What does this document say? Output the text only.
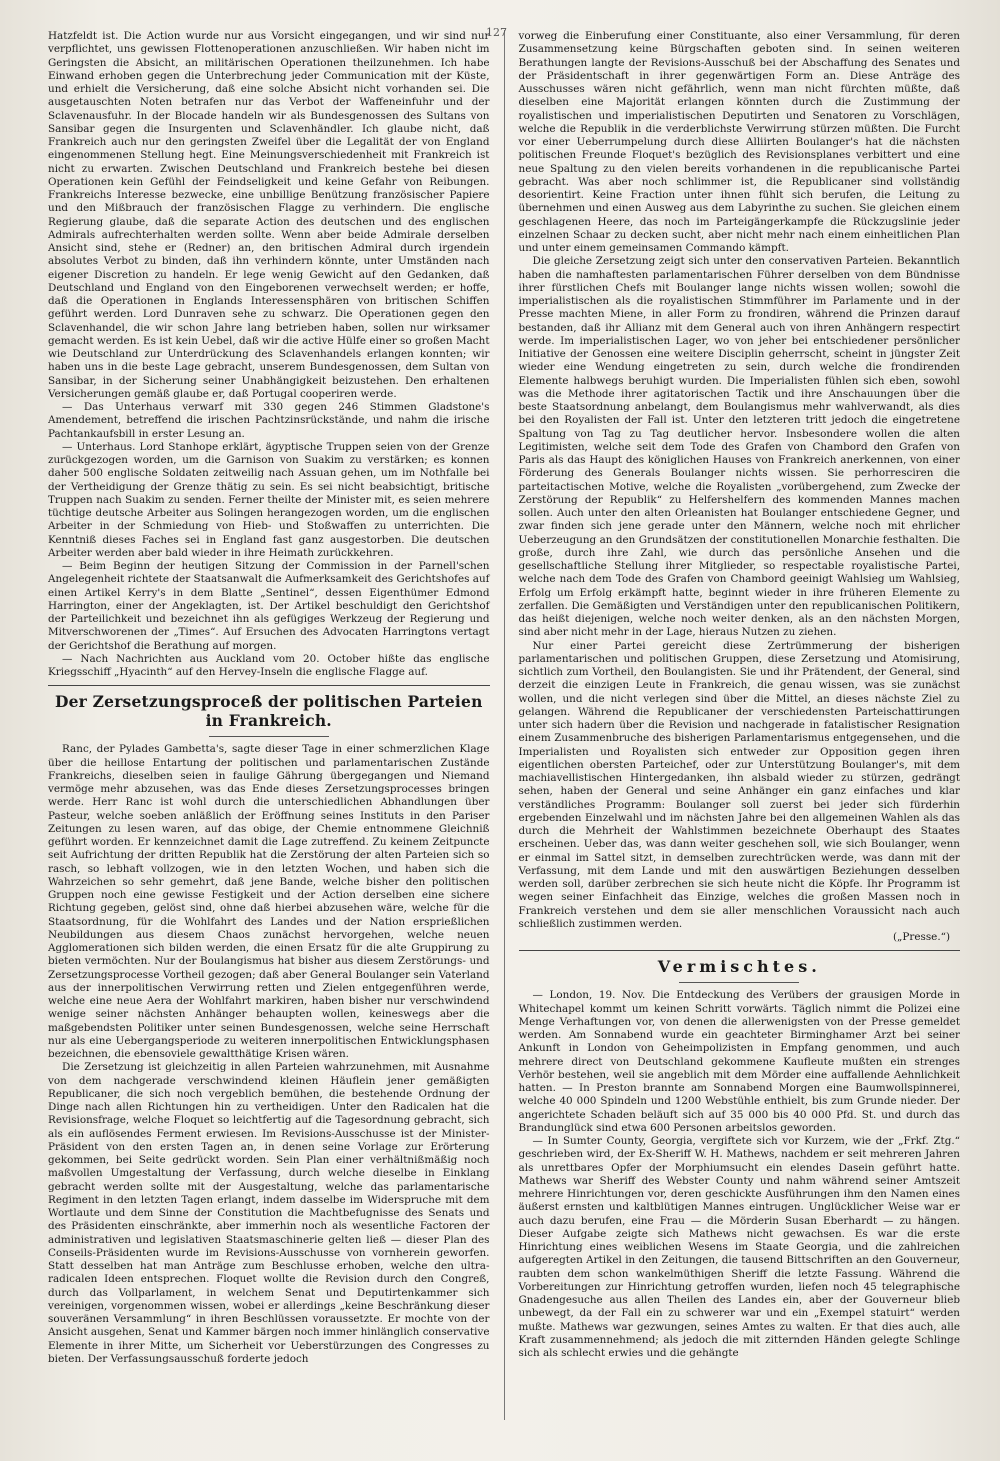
127

Hatzfeldt ist. Die Action wurde nur aus Vorsicht eingegangen, und wir sind nur verpflichtet, uns gewissen Flottenoperationen anzuschließen. Wir haben nicht im Geringsten die Absicht, an militärischen Operationen theilzunehmen. Ich habe Einwand erhoben gegen die Unterbrechung jeder Communication mit der Küste, und erhielt die Versicherung, daß eine solche Absicht nicht vorhanden sei. Die ausgetauschten Noten betrafen nur das Verbot der Waffeneinfuhr und der Sclavenausfuhr. In der Blocade handeln wir als Bundesgenossen des Sultans von Sansibar gegen die Insurgenten und Sclavenhändler. Ich glaube nicht, daß Frankreich auch nur den geringsten Zweifel über die Legalität der von England eingenommenen Stellung hegt. Eine Meinungsverschiedenheit mit Frankreich ist nicht zu erwarten. Zwischen Deutschland und Frankreich bestehe bei diesen Operationen kein Gefühl der Feindseligkeit und keine Gefahr von Reibungen. Frankreichs Interesse bezwecke, eine unbillige Benützung französischer Papiere und den Mißbrauch der französischen Flagge zu verhindern. Die englische Regierung glaube, daß die separate Action des deutschen und des englischen Admirals aufrechterhalten werden sollte. Wenn aber beide Admirale derselben Ansicht sind, stehe er (Redner) an, den britischen Admiral durch irgendein absolutes Verbot zu binden, daß ihn verhindern könnte, unter Umständen nach eigener Discretion zu handeln. Er lege wenig Gewicht auf den Gedanken, daß Deutschland und England von den Eingeborenen verwechselt werden; er hoffe, daß die Operationen in Englands Interessensphären von britischen Schiffen geführt werden. Lord Dunraven sehe zu schwarz. Die Operationen gegen den Sclavenhandel, die wir schon Jahre lang betrieben haben, sollen nur wirksamer gemacht werden. Es ist kein Uebel, daß wir die active Hülfe einer so großen Macht wie Deutschland zur Unterdrückung des Sclavenhandels erlangen konnten; wir haben uns in die beste Lage gebracht, unserem Bundesgenossen, dem Sultan von Sansibar, in der Sicherung seiner Unabhängigkeit beizustehen. Den erhaltenen Versicherungen gemäß glaube er, daß Portugal cooperiren werde.

— Das Unterhaus verwarf mit 330 gegen 246 Stimmen Gladstone's Amendement, betreffend die irischen Pachtzinsrückstände, und nahm die irische Pachtankaufsbill in erster Lesung an.

— Unterhaus. Lord Stanhope erklärt, ägyptische Truppen seien von der Grenze zurückgezogen worden, um die Garnison von Suakim zu verstärken; es konnen daher 500 englische Soldaten zeitweilig nach Assuan gehen, um im Nothfalle bei der Vertheidigung der Grenze thätig zu sein. Es sei nicht beabsichtigt, britische Truppen nach Suakim zu senden. Ferner theilte der Minister mit, es seien mehrere tüchtige deutsche Arbeiter aus Solingen herangezogen worden, um die englischen Arbeiter in der Schmiedung von Hieb- und Stoßwaffen zu unterrichten. Die Kenntniß dieses Faches sei in England fast ganz ausgestorben. Die deutschen Arbeiter werden aber bald wieder in ihre Heimath zurückkehren.

— Beim Beginn der heutigen Sitzung der Commission in der Parnell'schen Angelegenheit richtete der Staatsanwalt die Aufmerksamkeit des Gerichtshofes auf einen Artikel Kerry's in dem Blatte „Sentinel“, dessen Eigenthümer Edmond Harrington, einer der Angeklagten, ist. Der Artikel beschuldigt den Gerichtshof der Parteilichkeit und bezeichnet ihn als gefügiges Werkzeug der Regierung und Mitverschworenen der „Times“. Auf Ersuchen des Advocaten Harringtons vertagt der Gerichtshof die Berathung auf morgen.

— Nach Nachrichten aus Auckland vom 20. October hißte das englische Kriegsschiff „Hyacinth“ auf den Hervey-Inseln die englische Flagge auf.

Der Zersetzungsproceß der politischen Parteien in Frankreich.

Ranc, der Pylades Gambetta's, sagte dieser Tage in einer schmerzlichen Klage über die heillose Entartung der politischen und parlamentarischen Zustände Frankreichs, dieselben seien in faulige Gährung übergegangen und Niemand vermöge mehr abzusehen, was das Ende dieses Zersetzungsprocesses bringen werde. Herr Ranc ist wohl durch die unterschiedlichen Abhandlungen über Pasteur, welche soeben anläßlich der Eröffnung seines Instituts in den Pariser Zeitungen zu lesen waren, auf das obige, der Chemie entnommene Gleichniß geführt worden. Er kennzeichnet damit die Lage zutreffend. Zu keinem Zeitpuncte seit Aufrichtung der dritten Republik hat die Zerstörung der alten Parteien sich so rasch, so lebhaft vollzogen, wie in den letzten Wochen, und haben sich die Wahrzeichen so sehr gemehrt, daß jene Bande, welche bisher den politischen Gruppen noch eine gewisse Festigkeit und der Action derselben eine sichere Richtung gegeben, gelöst sind, ohne daß hierbei abzusehen wäre, welche für die Staatsordnung, für die Wohlfahrt des Landes und der Nation ersprießlichen Neubildungen aus diesem Chaos zunächst hervorgehen, welche neuen Agglomerationen sich bilden werden, die einen Ersatz für die alte Gruppirung zu bieten vermöchten. Nur der Boulangismus hat bisher aus diesem Zerstörungs- und Zersetzungsprocesse Vortheil gezogen; daß aber General Boulanger sein Vaterland aus der innerpolitischen Verwirrung retten und Zielen entgegenführen werde, welche eine neue Aera der Wohlfahrt markiren, haben bisher nur verschwindend wenige seiner nächsten Anhänger behaupten wollen, keineswegs aber die maßgebendsten Politiker unter seinen Bundesgenossen, welche seine Herrschaft nur als eine Uebergangsperiode zu weiteren innerpolitischen Entwicklungsphasen bezeichnen, die ebensoviele gewaltthätige Krisen wären.

Die Zersetzung ist gleichzeitig in allen Parteien wahrzunehmen, mit Ausnahme von dem nachgerade verschwindend kleinen Häuflein jener gemäßigten Republicaner, die sich noch vergeblich bemühen, die bestehende Ordnung der Dinge nach allen Richtungen hin zu vertheidigen. Unter den Radicalen hat die Revisionsfrage, welche Floquet so leichtfertig auf die Tagesordnung gebracht, sich als ein auflösendes Ferment erwiesen. Im Revisions-Ausschusse ist der Minister-Präsident von den ersten Tagen an, in denen seine Vorlage zur Erörterung gekommen, bei Seite gedrückt worden. Sein Plan einer verhältnißmäßig noch maßvollen Umgestaltung der Verfassung, durch welche dieselbe in Einklang gebracht werden sollte mit der Ausgestaltung, welche das parlamentarische Regiment in den letzten Tagen erlangt, indem dasselbe im Widerspruche mit dem Wortlaute und dem Sinne der Constitution die Machtbefugnisse des Senats und des Präsidenten einschränkte, aber immerhin noch als wesentliche Factoren der administrativen und legislativen Staatsmaschinerie gelten ließ — dieser Plan des Conseils-Präsidenten wurde im Revisions-Ausschusse von vornherein geworfen. Statt desselben hat man Anträge zum Beschlusse erhoben, welche den ultra-radicalen Ideen entsprechen. Floquet wollte die Revision durch den Congreß, durch das Vollparlament, in welchem Senat und Deputirtenkammer sich vereinigen, vorgenommen wissen, wobei er allerdings „keine Beschränkung dieser souveränen Versammlung“ in ihren Beschlüssen voraussetzte. Er mochte von der Ansicht ausgehen, Senat und Kammer bärgen noch immer hinlänglich conservative Elemente in ihrer Mitte, um Sicherheit vor Ueberstürzungen des Congresses zu bieten. Der Verfassungsausschuß forderte jedoch

vorweg die Einberufung einer Constituante, also einer Versammlung, für deren Zusammensetzung keine Bürgschaften geboten sind. In seinen weiteren Berathungen langte der Revisions-Ausschuß bei der Abschaffung des Senates und der Präsidentschaft in ihrer gegenwärtigen Form an. Diese Anträge des Ausschusses wären nicht gefährlich, wenn man nicht fürchten müßte, daß dieselben eine Majorität erlangen könnten durch die Zustimmung der royalistischen und imperialistischen Deputirten und Senatoren zu Vorschlägen, welche die Republik in die verderblichste Verwirrung stürzen müßten. Die Furcht vor einer Ueberrumpelung durch diese Alliirten Boulanger's hat die nächsten politischen Freunde Floquet's bezüglich des Revisionsplanes verbittert und eine neue Spaltung zu den vielen bereits vorhandenen in die republicanische Partei gebracht. Was aber noch schlimmer ist, die Republicaner sind vollständig desorientirt. Keine Fraction unter ihnen fühlt sich berufen, die Leitung zu übernehmen und einen Ausweg aus dem Labyrinthe zu suchen. Sie gleichen einem geschlagenen Heere, das noch im Parteigängerkampfe die Rückzugslinie jeder einzelnen Schaar zu decken sucht, aber nicht mehr nach einem einheitlichen Plan und unter einem gemeinsamen Commando kämpft.

Die gleiche Zersetzung zeigt sich unter den conservativen Parteien. Bekanntlich haben die namhaftesten parlamentarischen Führer derselben von dem Bündnisse ihrer fürstlichen Chefs mit Boulanger lange nichts wissen wollen; sowohl die imperialistischen als die royalistischen Stimmführer im Parlamente und in der Presse machten Miene, in aller Form zu frondiren, während die Prinzen darauf bestanden, daß ihr Allianz mit dem General auch von ihren Anhängern respectirt werde. Im imperialistischen Lager, wo von jeher bei entschiedener persönlicher Initiative der Genossen eine weitere Disciplin geherrscht, scheint in jüngster Zeit wieder eine Wendung eingetreten zu sein, durch welche die frondirenden Elemente halbwegs beruhigt wurden. Die Imperialisten fühlen sich eben, sowohl was die Methode ihrer agitatorischen Tactik und ihre Anschauungen über die beste Staatsordnung anbelangt, dem Boulangismus mehr wahlverwandt, als dies bei den Royalisten der Fall ist. Unter den letzteren tritt jedoch die eingetretene Spaltung von Tag zu Tag deutlicher hervor. Insbesondere wollen die alten Legitimisten, welche seit dem Tode des Grafen von Chambord den Grafen von Paris als das Haupt des königlichen Hauses von Frankreich anerkennen, von einer Förderung des Generals Boulanger nichts wissen. Sie perhorresciren die parteitactischen Motive, welche die Royalisten „vorübergehend, zum Zwecke der Zerstörung der Republik“ zu Helfershelfern des kommenden Mannes machen sollen. Auch unter den alten Orleanisten hat Boulanger entschiedene Gegner, und zwar finden sich jene gerade unter den Männern, welche noch mit ehrlicher Ueberzeugung an den Grundsätzen der constitutionellen Monarchie festhalten. Die große, durch ihre Zahl, wie durch das persönliche Ansehen und die gesellschaftliche Stellung ihrer Mitglieder, so respectable royalistische Partei, welche nach dem Tode des Grafen von Chambord geeinigt Wahlsieg um Wahlsieg, Erfolg um Erfolg erkämpft hatte, beginnt wieder in ihre früheren Elemente zu zerfallen. Die Gemäßigten und Verständigen unter den republicanischen Politikern, das heißt diejenigen, welche noch weiter denken, als an den nächsten Morgen, sind aber nicht mehr in der Lage, hieraus Nutzen zu ziehen.

Nur einer Partei gereicht diese Zertrümmerung der bisherigen parlamentarischen und politischen Gruppen, diese Zersetzung und Atomisirung, sichtlich zum Vortheil, den Boulangisten. Sie und ihr Prätendent, der General, sind derzeit die einzigen Leute in Frankreich, die genau wissen, was sie zunächst wollen, und die nicht verlegen sind über die Mittel, an dieses nächste Ziel zu gelangen. Während die Republicaner der verschiedensten Parteischattirungen unter sich hadern über die Revision und nachgerade in fatalistischer Resignation einem Zusammenbruche des bisherigen Parlamentarismus entgegensehen, und die Imperialisten und Royalisten sich entweder zur Opposition gegen ihren eigentlichen obersten Parteichef, oder zur Unterstützung Boulanger's, mit dem machiavellistischen Hintergedanken, ihn alsbald wieder zu stürzen, gedrängt sehen, haben der General und seine Anhänger ein ganz einfaches und klar verständliches Programm: Boulanger soll zuerst bei jeder sich fürderhin ergebenden Einzelwahl und im nächsten Jahre bei den allgemeinen Wahlen als das durch die Mehrheit der Wahlstimmen bezeichnete Oberhaupt des Staates erscheinen. Ueber das, was dann weiter geschehen soll, wie sich Boulanger, wenn er einmal im Sattel sitzt, in demselben zurechtrücken werde, was dann mit der Verfassung, mit dem Lande und mit den auswärtigen Beziehungen desselben werden soll, darüber zerbrechen sie sich heute nicht die Köpfe. Ihr Programm ist wegen seiner Einfachheit das Einzige, welches die großen Massen noch in Frankreich verstehen und dem sie aller menschlichen Voraussicht nach auch schließlich zustimmen werden.

(„Presse.“)
Vermischtes.

— London, 19. Nov. Die Entdeckung des Verübers der grausigen Morde in Whitechapel kommt um keinen Schritt vorwärts. Täglich nimmt die Polizei eine Menge Verhaftungen vor, von denen die allerwenigsten von der Presse gemeldet werden. Am Sonnabend wurde ein geachteter Birminghamer Arzt bei seiner Ankunft in London von Geheimpolizisten in Empfang genommen, und auch mehrere direct von Deutschland gekommene Kaufleute mußten ein strenges Verhör bestehen, weil sie angeblich mit dem Mörder eine auffallende Aehnlichkeit hatten. — In Preston brannte am Sonnabend Morgen eine Baumwollspinnerei, welche 40 000 Spindeln und 1200 Webstühle enthielt, bis zum Grunde nieder. Der angerichtete Schaden beläuft sich auf 35 000 bis 40 000 Pfd. St. und durch das Brandunglück sind etwa 600 Personen arbeitslos geworden.

— In Sumter County, Georgia, vergiftete sich vor Kurzem, wie der „Frkf. Ztg.“ geschrieben wird, der Ex-Sheriff W. H. Mathews, nachdem er seit mehreren Jahren als unrettbares Opfer der Morphiumsucht ein elendes Dasein geführt hatte. Mathews war Sheriff des Webster County und nahm während seiner Amtszeit mehrere Hinrichtungen vor, deren geschickte Ausführungen ihm den Namen eines äußerst ernsten und kaltblütigen Mannes eintrugen. Unglücklicher Weise war er auch dazu berufen, eine Frau — die Mörderin Susan Eberhardt — zu hängen. Dieser Aufgabe zeigte sich Mathews nicht gewachsen. Es war die erste Hinrichtung eines weiblichen Wesens im Staate Georgia, und die zahlreichen aufgeregten Artikel in den Zeitungen, die tausend Bittschriften an den Gouverneur, raubten dem schon wankelmüthigen Sheriff die letzte Fassung. Während die Vorbereitungen zur Hinrichtung getroffen wurden, liefen noch 45 telegraphische Gnadengesuche aus allen Theilen des Landes ein, aber der Gouverneur blieb unbewegt, da der Fall ein zu schwerer war und ein „Exempel statuirt“ werden mußte. Mathews war gezwungen, seines Amtes zu walten. Er that dies auch, alle Kraft zusammennehmend; als jedoch die mit zitternden Händen gelegte Schlinge sich als schlecht erwies und die gehängte
